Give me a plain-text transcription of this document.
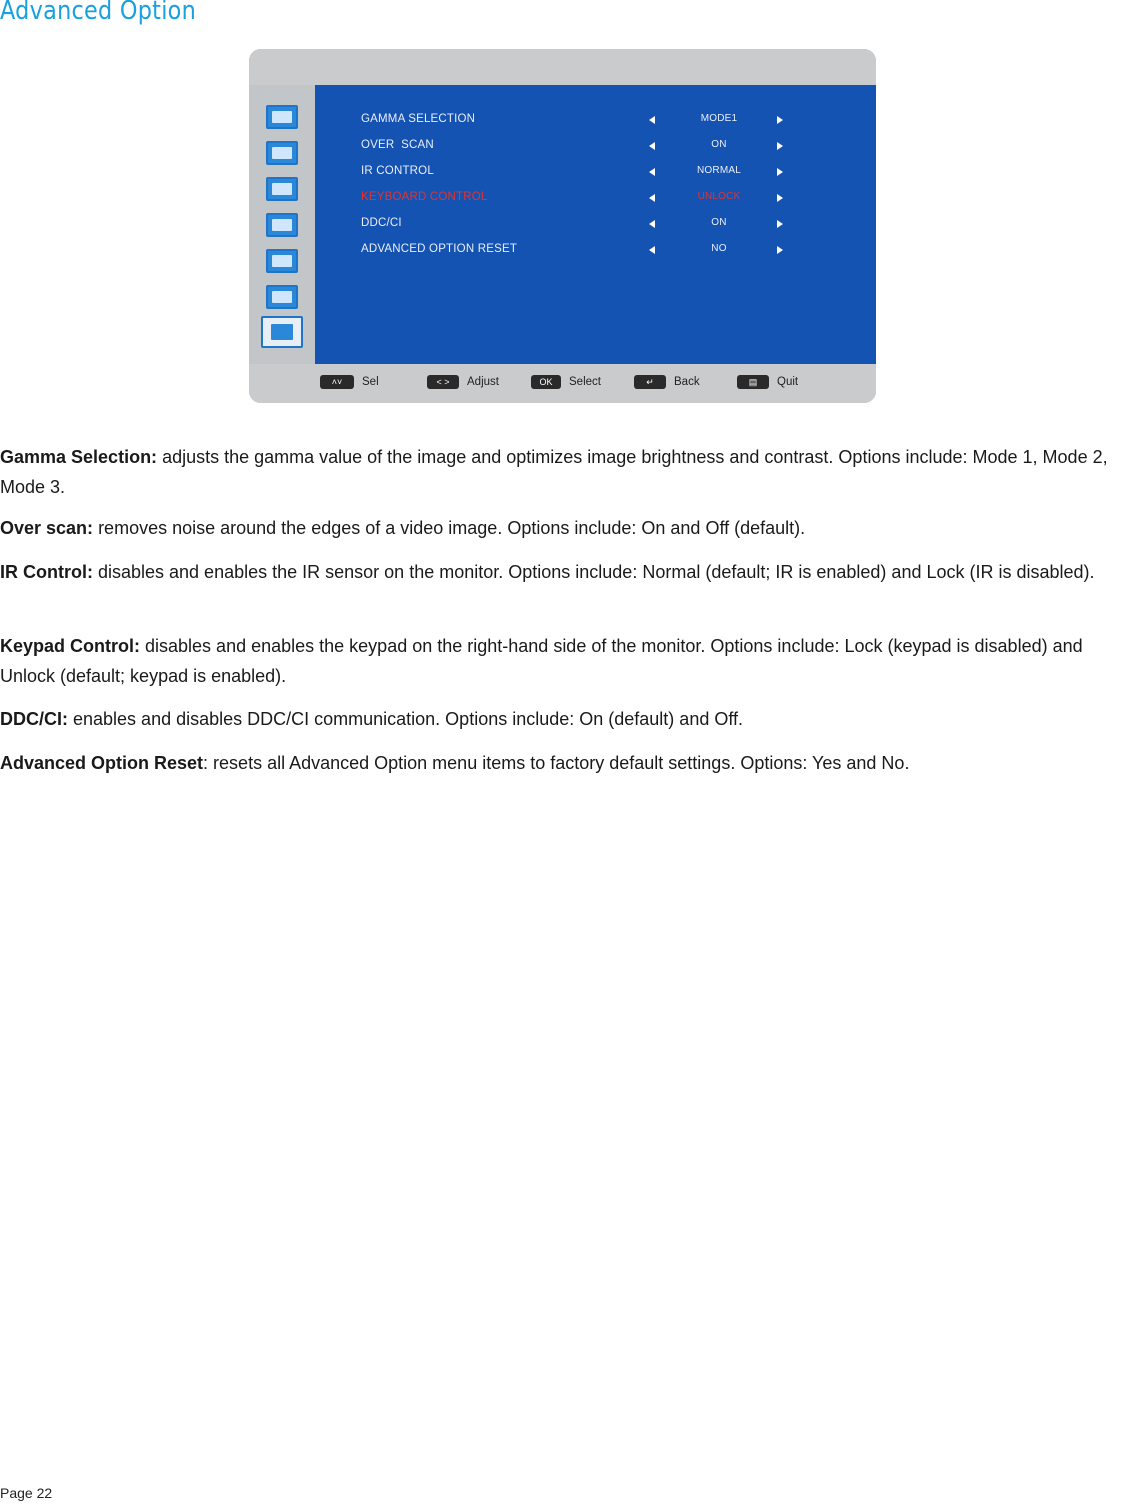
Advanced Option
GAMMA SELECTION	MODE1
OVER  SCAN	ON
IR CONTROL	NORMAL
KEYBOARD CONTROL	UNLOCK
DDC/CI	ON
ADVANCED OPTION RESET	NO
˄˅ Sel	< > Adjust	OK Select	↵ Back	▤ Quit

Gamma Selection: adjusts the gamma value of the image and optimizes image brightness and contrast. Options include: Mode 1, Mode 2, Mode 3.

Over scan: removes noise around the edges of a video image. Options include: On and Off (default).

IR Control: disables and enables the IR sensor on the monitor. Options include: Normal (default; IR is enabled) and Lock (IR is disabled).

Keypad Control: disables and enables the keypad on the right-hand side of the monitor. Options include: Lock (keypad is disabled) and Unlock (default; keypad is enabled).

DDC/CI: enables and disables DDC/CI communication. Options include: On (default) and Off.

Advanced Option Reset: resets all Advanced Option menu items to factory default settings. Options: Yes and No.

Page 22
